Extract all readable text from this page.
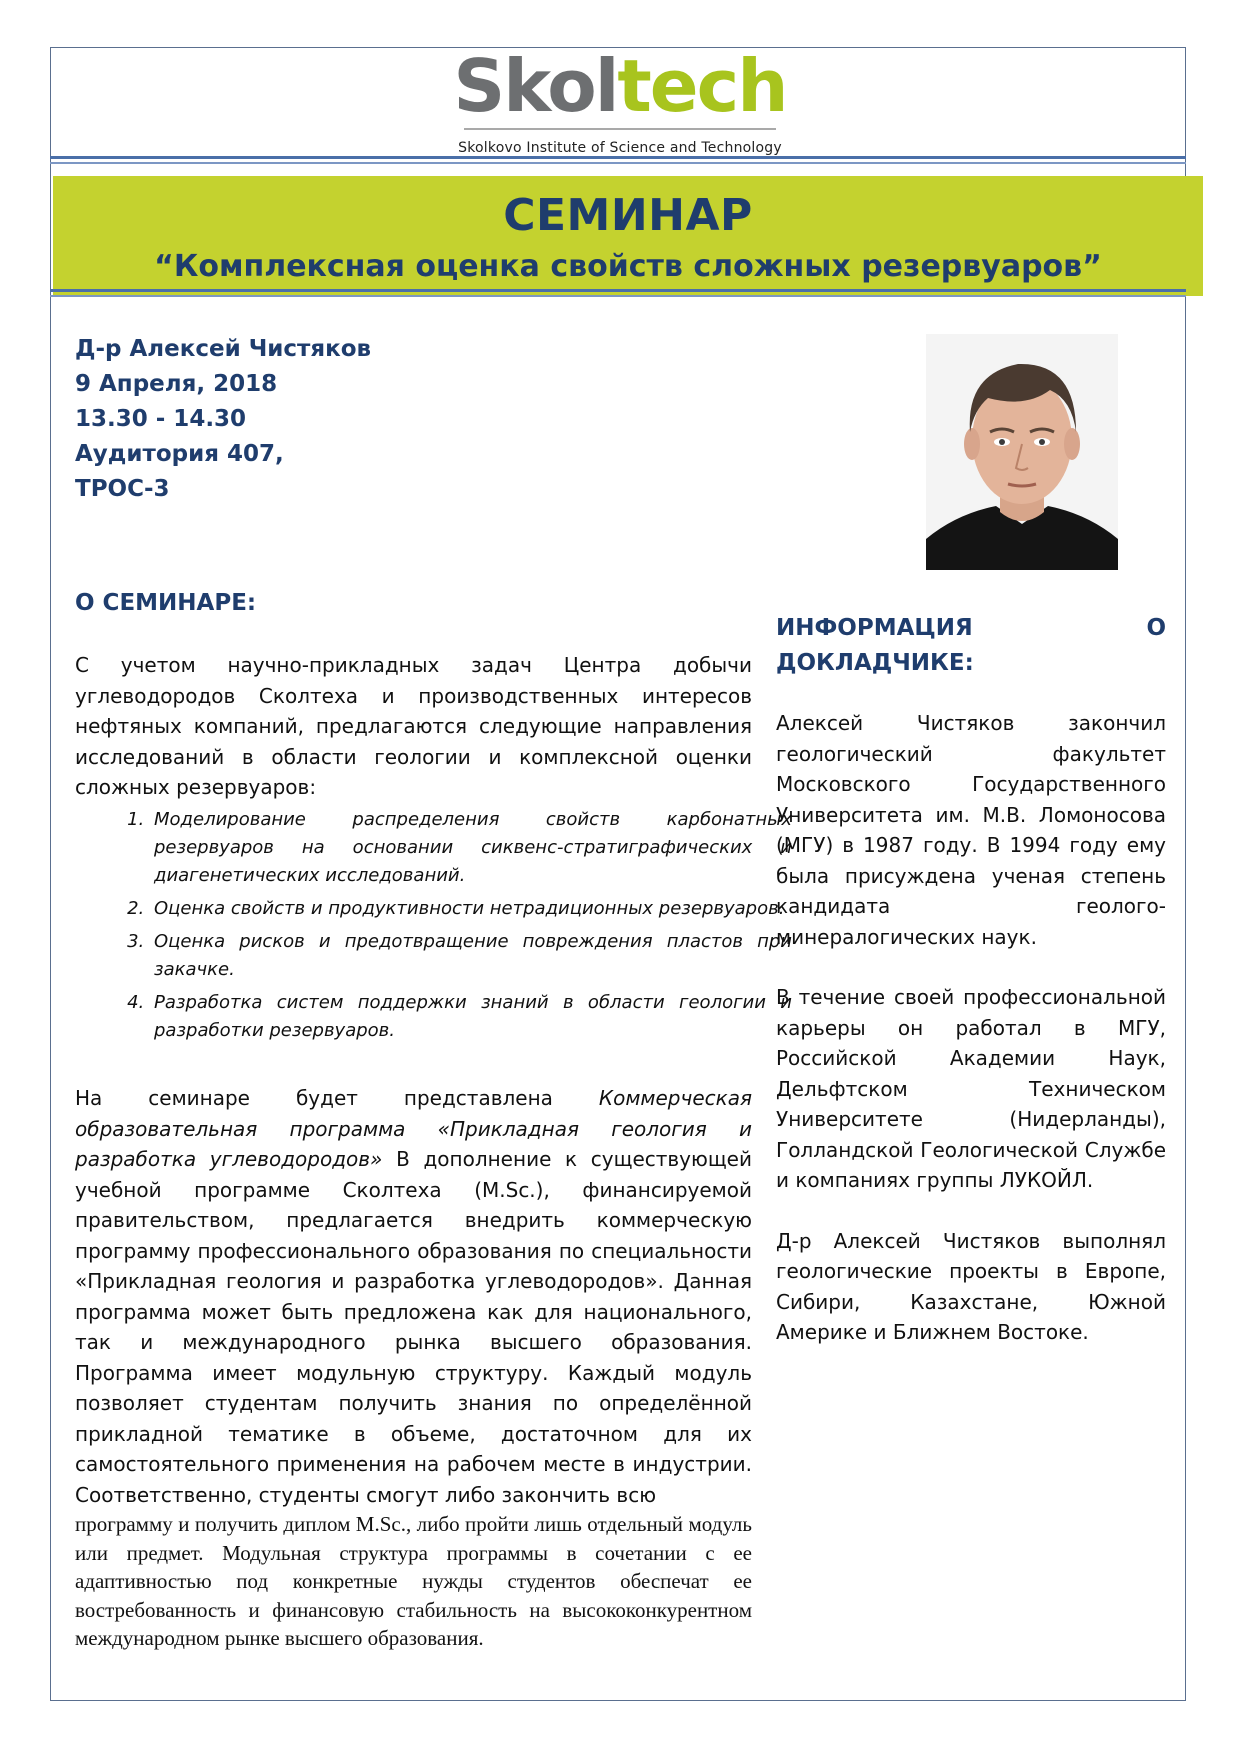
Skoltech
Skolkovo Institute of Science and Technology
СЕМИНАР
“Комплексная оценка свойств сложных резервуаров”
Д-р Алексей Чистяков
9 Апреля, 2018
13.30 - 14.30
Аудитория 407,
ТРОС-3
О СЕМИНАРЕ:
С учетом научно-прикладных задач Центра добычи углеводородов Сколтеха и производственных интересов нефтяных компаний, предлагаются следующие направления исследований в области геологии и комплексной оценки сложных резервуаров:
1. Моделирование распределения свойств карбонатных резервуаров на основании сиквенс-стратиграфических и диагенетических исследований.
2. Оценка свойств и продуктивности нетрадиционных резервуаров.
3. Оценка рисков и предотвращение повреждения пластов при закачке.
4. Разработка систем поддержки знаний в области геологии и разработки резервуаров.
На семинаре будет представлена Коммерческая образовательная программа «Прикладная геология и разработка углеводородов» В дополнение к существующей учебной программе Сколтеха (M.Sc.), финансируемой правительством, предлагается внедрить коммерческую программу профессионального образования по специальности «Прикладная геология и разработка углеводородов». Данная программа может быть предложена как для национального, так и международного рынка высшего образования. Программа имеет модульную структуру. Каждый модуль позволяет студентам получить знания по определённой прикладной тематике в объеме, достаточном для их самостоятельного применения на рабочем месте в индустрии. Соответственно, студенты смогут либо закончить всю
программу и получить диплом M.Sc., либо пройти лишь отдельный модуль или предмет. Модульная структура программы в сочетании с ее адаптивностью под конкретные нужды студентов обеспечат ее востребованность и финансовую стабильность на высококонкурентном международном рынке высшего образования.
ИНФОРМАЦИЯ О
ДОКЛАДЧИКЕ:

Алексей Чистяков закончил геологический факультет Московского Государственного Университета им. М.В. Ломоносова (МГУ) в 1987 году. В 1994 году ему была присуждена ученая степень кандидата геолого-минералогических наук.

В течение своей профессиональной карьеры он работал в МГУ, Российской Академии Наук, Дельфтском Техническом Университете (Нидерланды), Голландской Геологической Службе и компаниях группы ЛУКОЙЛ.

Д-р Алексей Чистяков выполнял геологические проекты в Европе, Сибири, Казахстане, Южной Америке и Ближнем Востоке.
